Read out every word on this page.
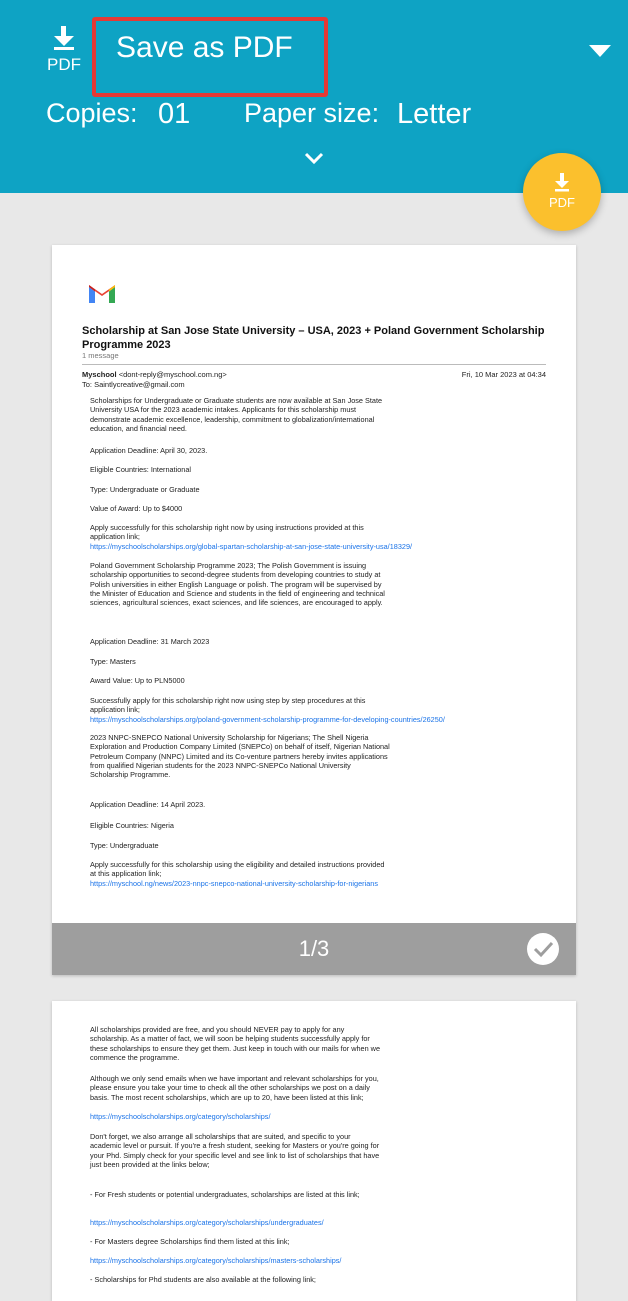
PDF
Save as PDF
Copies: 01 Paper size: Letter
PDF
Scholarship at San Jose State University – USA, 2023 + Poland Government Scholarship Programme 2023
1 message
Myschool <dont-reply@myschool.com.ng>
To: Saintlycreative@gmail.com
Fri, 10 Mar 2023 at 04:34
Scholarships for Undergraduate or Graduate students are now available at San Jose State University USA for the 2023 academic intakes. Applicants for this scholarship must demonstrate academic excellence, leadership, commitment to globalization/international education, and financial need.
Application Deadline: April 30, 2023.
Eligible Countries: International
Type: Undergraduate or Graduate
Value of Award: Up to $4000
Apply successfully for this scholarship right now by using instructions provided at this application link;
https://myschoolscholarships.org/global-spartan-scholarship-at-san-jose-state-university-usa/18329/
Poland Government Scholarship Programme 2023; The Polish Government is issuing scholarship opportunities to second-degree students from developing countries to study at Polish universities in either English Language or polish. The program will be supervised by the Minister of Education and Science and students in the field of engineering and technical sciences, agricultural sciences, exact sciences, and life sciences, are encouraged to apply.
Application Deadline: 31 March 2023
Type: Masters
Award Value: Up to PLN5000
Successfully apply for this scholarship right now using step by step procedures at this application link;
https://myschoolscholarships.org/poland-government-scholarship-programme-for-developing-countries/26250/
2023 NNPC-SNEPCO National University Scholarship for Nigerians; The Shell Nigeria Exploration and Production Company Limited (SNEPCo) on behalf of itself, Nigerian National Petroleum Company (NNPC) Limited and its Co-venture partners hereby invites applications from qualified Nigerian students for the 2023 NNPC-SNEPCo National University Scholarship Programme.
Application Deadline: 14 April 2023.
Eligible Countries: Nigeria
Type: Undergraduate
Apply successfully for this scholarship using the eligibility and detailed instructions provided at this application link;
https://myschool.ng/news/2023-nnpc-snepco-national-university-scholarship-for-nigerians
1/3
All scholarships provided are free, and you should NEVER pay to apply for any scholarship. As a matter of fact, we will soon be helping students successfully apply for these scholarships to ensure they get them. Just keep in touch with our mails for when we commence the programme.
Although we only send emails when we have important and relevant scholarships for you, please ensure you take your time to check all the other scholarships we post on a daily basis. The most recent scholarships, which are up to 20, have been listed at this link;
https://myschoolscholarships.org/category/scholarships/
Don't forget, we also arrange all scholarships that are suited, and specific to your academic level or pursuit. If you're a fresh student, seeking for Masters or you're going for your Phd. Simply check for your specific level and see link to list of scholarships that have just been provided at the links below;
- For Fresh students or potential undergraduates, scholarships are listed at this link;
https://myschoolscholarships.org/category/scholarships/undergraduates/
- For Masters degree Scholarships find them listed at this link;
https://myschoolscholarships.org/category/scholarships/masters-scholarships/
- Scholarships for Phd students are also available at the following link;
